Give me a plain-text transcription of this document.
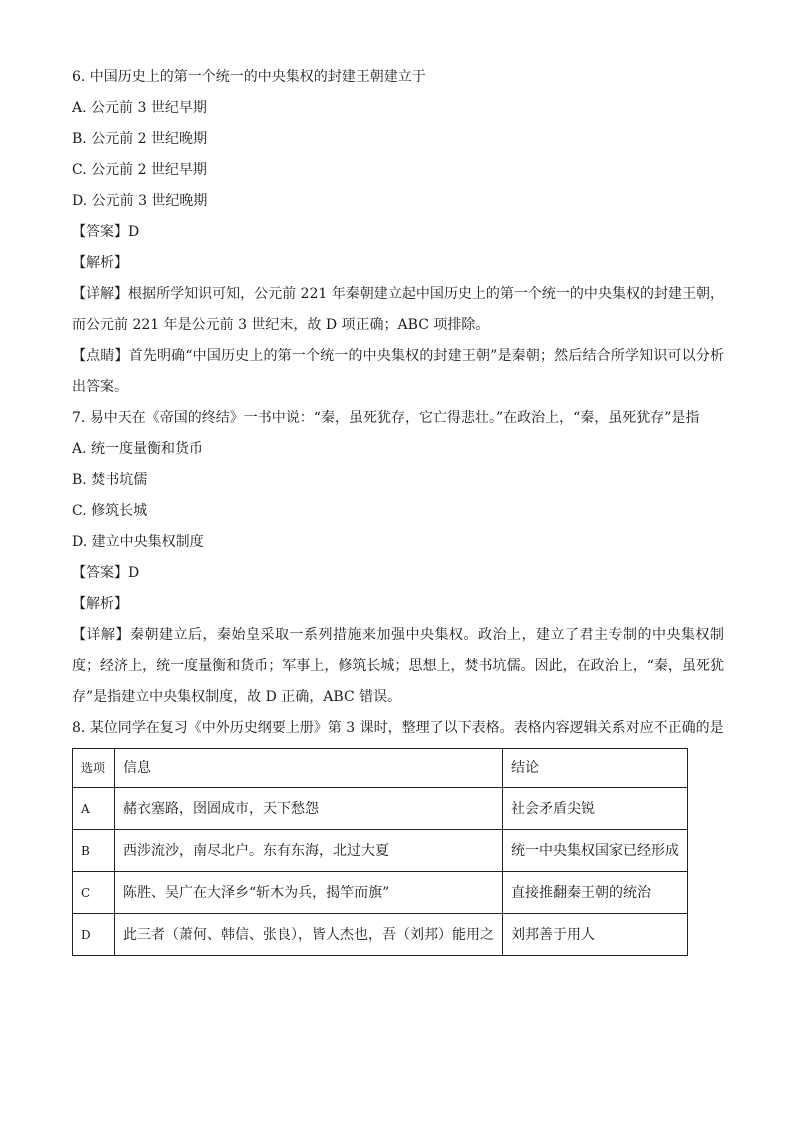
6. 中国历史上的第一个统一的中央集权的封建王朝建立于
A. 公元前 3 世纪早期
B. 公元前 2 世纪晚期
C. 公元前 2 世纪早期
D. 公元前 3 世纪晚期
【答案】D
【解析】
【详解】根据所学知识可知，公元前 221 年秦朝建立起中国历史上的第一个统一的中央集权的封建王朝，而公元前 221 年是公元前 3 世纪末，故 D 项正确；ABC 项排除。
【点睛】首先明确“中国历史上的第一个统一的中央集权的封建王朝”是秦朝；然后结合所学知识可以分析出答案。
7. 易中天在《帝国的终结》一书中说：“秦，虽死犹存，它亡得悲壮。”在政治上，“秦，虽死犹存”是指
A. 统一度量衡和货币
B. 焚书坑儒
C. 修筑长城
D. 建立中央集权制度
【答案】D
【解析】
【详解】秦朝建立后，秦始皇采取一系列措施来加强中央集权。政治上，建立了君主专制的中央集权制度；经济上，统一度量衡和货币；军事上，修筑长城；思想上，焚书坑儒。因此，在政治上，“秦，虽死犹存”是指建立中央集权制度，故 D 正确，ABC 错误。
8. 某位同学在复习《中外历史纲要上册》第 3 课时，整理了以下表格。表格内容逻辑关系对应不正确的是
选项	信息	结论
A	赭衣塞路，囹圄成市，天下愁怨	社会矛盾尖锐
B	西涉流沙，南尽北户。东有东海，北过大夏	统一中央集权国家已经形成
C	陈胜、吴广在大泽乡“斩木为兵，揭竿而旗”	直接推翻秦王朝的统治
D	此三者（萧何、韩信、张良），皆人杰也，吾（刘邦）能用之	刘邦善于用人
